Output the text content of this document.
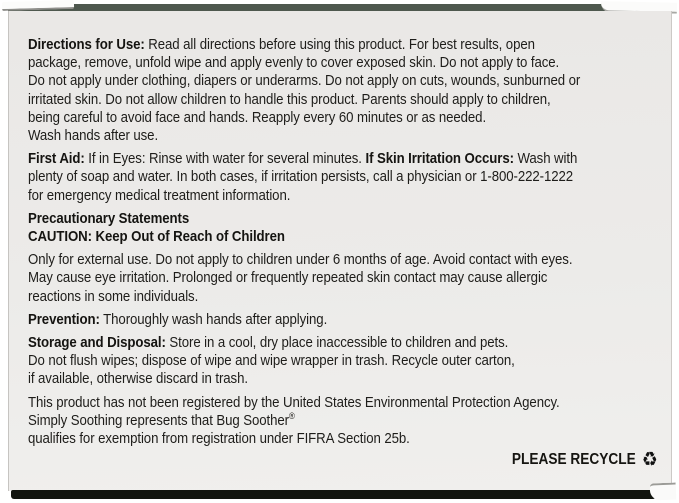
Directions for Use: Read all directions before using this product. For best results, open
package, remove, unfold wipe and apply evenly to cover exposed skin. Do not apply to face.
Do not apply under clothing, diapers or underarms. Do not apply on cuts, wounds, sunburned or
irritated skin. Do not allow children to handle this product. Parents should apply to children,
being careful to avoid face and hands. Reapply every 60 minutes or as needed.
Wash hands after use.
First Aid: If in Eyes: Rinse with water for several minutes. If Skin Irritation Occurs: Wash with
plenty of soap and water. In both cases, if irritation persists, call a physician or 1-800-222-1222
for emergency medical treatment information.
Precautionary Statements
CAUTION: Keep Out of Reach of Children
Only for external use. Do not apply to children under 6 months of age. Avoid contact with eyes.
May cause eye irritation. Prolonged or frequently repeated skin contact may cause allergic
reactions in some individuals.
Prevention: Thoroughly wash hands after applying.
Storage and Disposal: Store in a cool, dry place inaccessible to children and pets.
Do not flush wipes; dispose of wipe and wipe wrapper in trash. Recycle outer carton,
if available, otherwise discard in trash.
This product has not been registered by the United States Environmental Protection Agency.
Simply Soothing represents that Bug Soother®
qualifies for exemption from registration under FIFRA Section 25b.
PLEASE RECYCLE ♻
